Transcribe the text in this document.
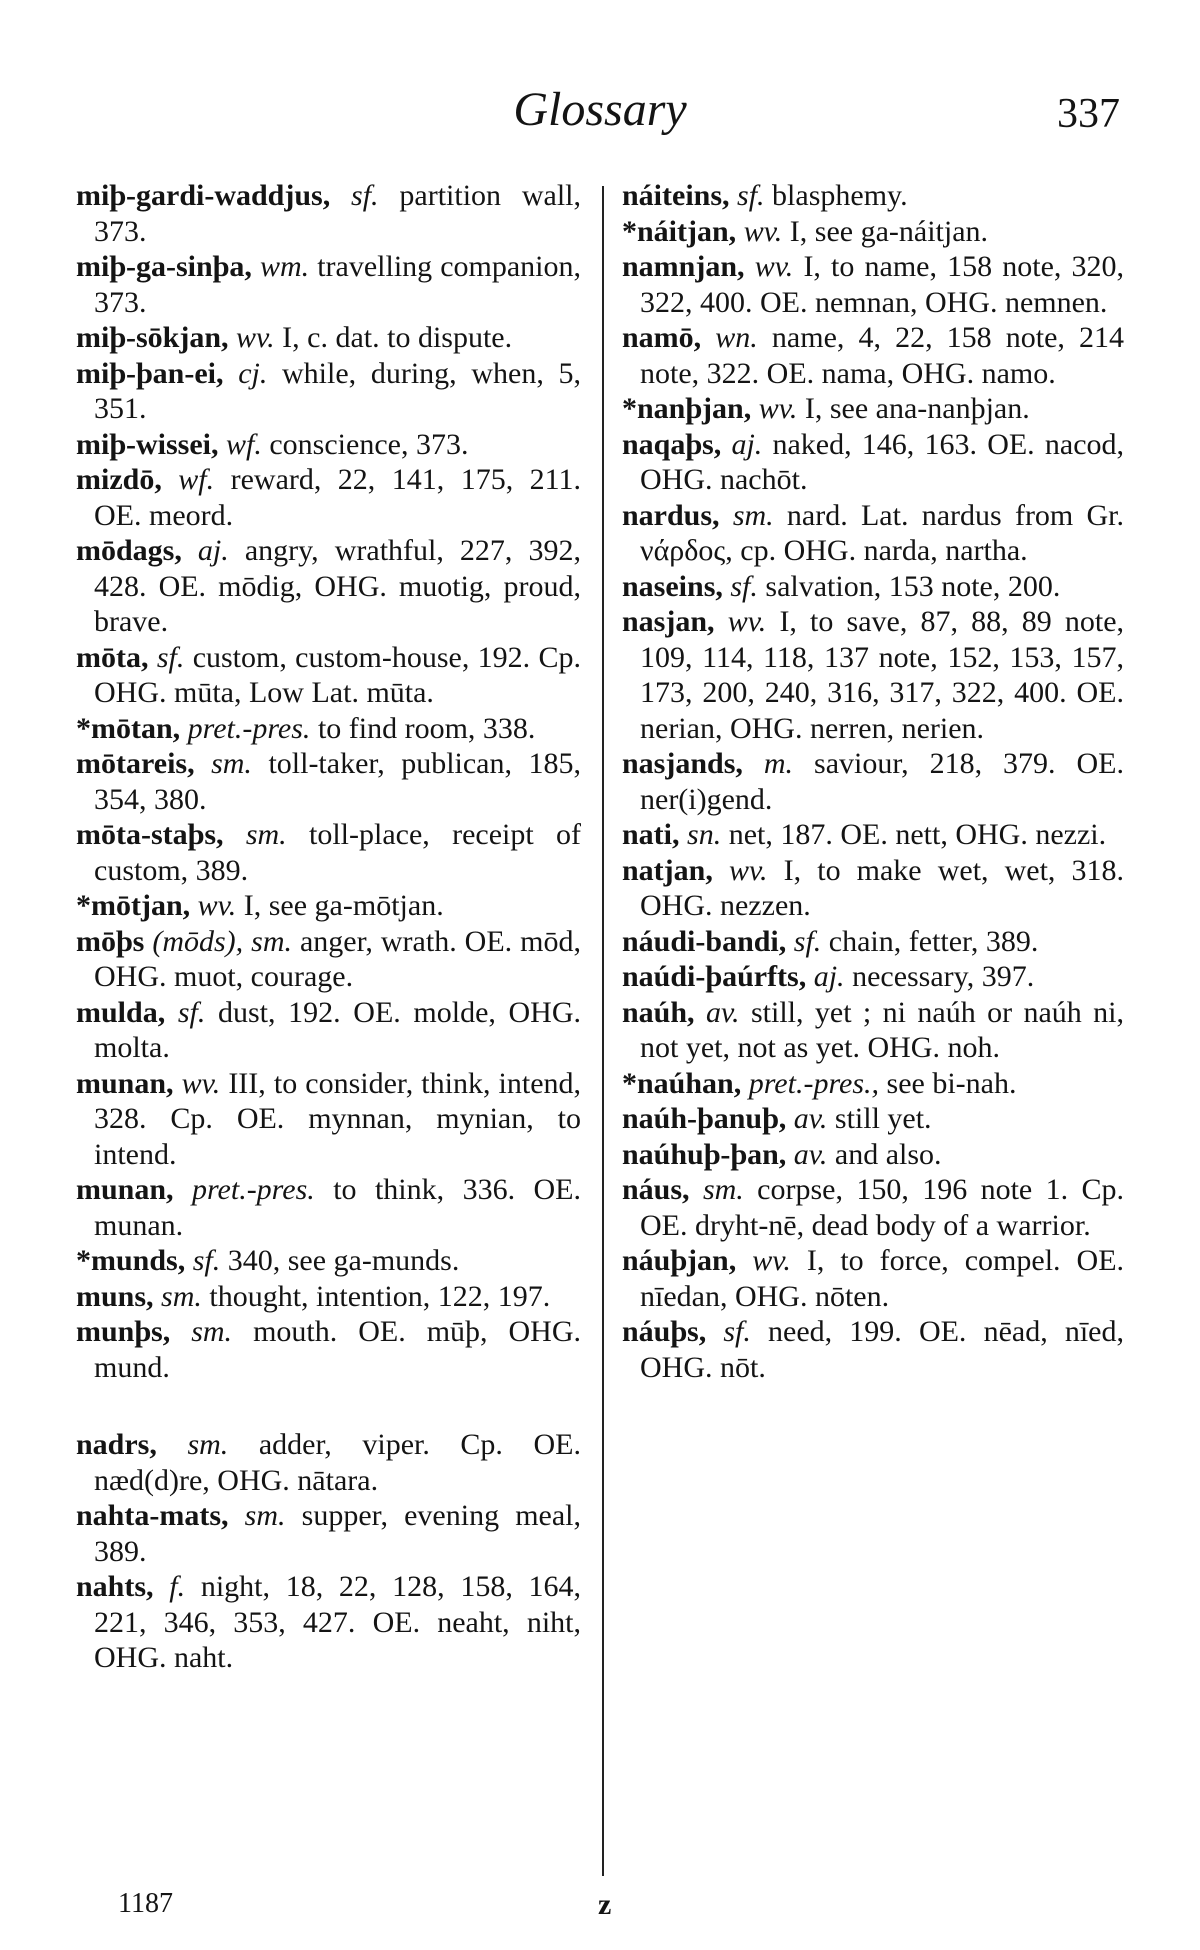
Glossary	337
miþ-gardi-waddjus, sf. partition wall, 373.
miþ-ga-sinþa, wm. travelling companion, 373.
miþ-sōkjan, wv. I, c. dat. to dispute.
miþ-þan-ei, cj. while, during, when, 5, 351.
miþ-wissei, wf. conscience, 373.
mizdō, wf. reward, 22, 141, 175, 211. OE. meord.
mōdags, aj. angry, wrathful, 227, 392, 428. OE. mōdig, OHG. muotig, proud, brave.
mōta, sf. custom, custom-house, 192. Cp. OHG. mūta, Low Lat. mūta.
*mōtan, pret.-pres. to find room, 338.
mōtareis, sm. toll-taker, publican, 185, 354, 380.
mōta-staþs, sm. toll-place, receipt of custom, 389.
*mōtjan, wv. I, see ga-mōtjan.
mōþs (mōds), sm. anger, wrath. OE. mōd, OHG. muot, courage.
mulda, sf. dust, 192. OE. molde, OHG. molta.
munan, wv. III, to consider, think, intend, 328. Cp. OE. mynnan, mynian, to intend.
munan, pret.-pres. to think, 336. OE. munan.
*munds, sf. 340, see ga-munds.
muns, sm. thought, intention, 122, 197.
munþs, sm. mouth. OE. mūþ, OHG. mund.
nadrs, sm. adder, viper. Cp. OE. næd(d)re, OHG. nātara.
nahta-mats, sm. supper, evening meal, 389.
nahts, f. night, 18, 22, 128, 158, 164, 221, 346, 353, 427. OE. neaht, niht, OHG. naht.
náiteins, sf. blasphemy.
*náitjan, wv. I, see ga-náitjan.
namnjan, wv. I, to name, 158 note, 320, 322, 400. OE. nemnan, OHG. nemnen.
namō, wn. name, 4, 22, 158 note, 214 note, 322. OE. nama, OHG. namo.
*nanþjan, wv. I, see ana-nanþjan.
naqaþs, aj. naked, 146, 163. OE. nacod, OHG. nachōt.
nardus, sm. nard. Lat. nardus from Gr. νάρδος, cp. OHG. narda, nartha.
naseins, sf. salvation, 153 note, 200.
nasjan, wv. I, to save, 87, 88, 89 note, 109, 114, 118, 137 note, 152, 153, 157, 173, 200, 240, 316, 317, 322, 400. OE. nerian, OHG. nerren, nerien.
nasjands, m. saviour, 218, 379. OE. ner(i)gend.
nati, sn. net, 187. OE. nett, OHG. nezzi.
natjan, wv. I, to make wet, wet, 318. OHG. nezzen.
náudi-bandi, sf. chain, fetter, 389.
naúdi-þaúrfts, aj. necessary, 397.
naúh, av. still, yet ; ni naúh or naúh ni, not yet, not as yet. OHG. noh.
*naúhan, pret.-pres., see bi-nah.
naúh-þanuþ, av. still yet.
naúhuþ-þan, av. and also.
náus, sm. corpse, 150, 196 note 1. Cp. OE. dryht-nē, dead body of a warrior.
náuþjan, wv. I, to force, compel. OE. nīedan, OHG. nōten.
náuþs, sf. need, 199. OE. nēad, nīed, OHG. nōt.
1187	z
